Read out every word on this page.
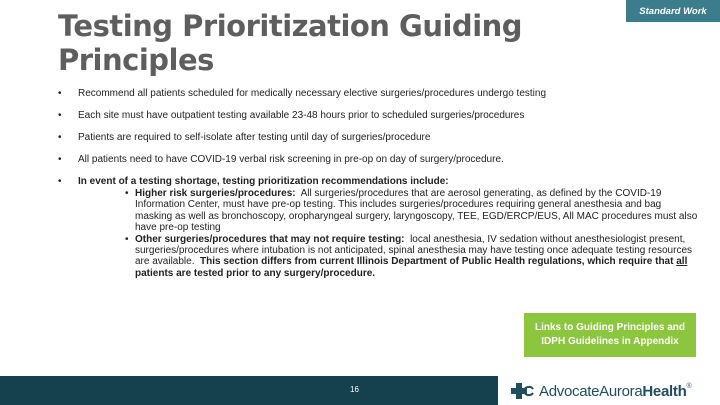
Testing Prioritization Guiding Principles
Standard Work
• Recommend all patients scheduled for medically necessary elective surgeries/procedures undergo testing
• Each site must have outpatient testing available 23-48 hours prior to scheduled surgeries/procedures
• Patients are required to self-isolate after testing until day of surgeries/procedure
• All patients need to have COVID-19 verbal risk screening in pre-op on day of surgery/procedure.
• In event of a testing shortage, testing prioritization recommendations include:
• Higher risk surgeries/procedures: All surgeries/procedures that are aerosol generating, as defined by the COVID-19 Information Center, must have pre-op testing. This includes surgeries/procedures requiring general anesthesia and bag masking as well as bronchoscopy, oropharyngeal surgery, laryngoscopy, TEE, EGD/ERCP/EUS, All MAC procedures must also have pre-op testing
• Other surgeries/procedures that may not require testing: local anesthesia, IV sedation without anesthesiologist present, surgeries/procedures where intubation is not anticipated, spinal anesthesia may have testing once adequate testing resources are available. This section differs from current Illinois Department of Public Health regulations, which require that all patients are tested prior to any surgery/procedure.
Links to Guiding Principles and IDPH Guidelines in Appendix
16	AdvocateAuroraHealth®
